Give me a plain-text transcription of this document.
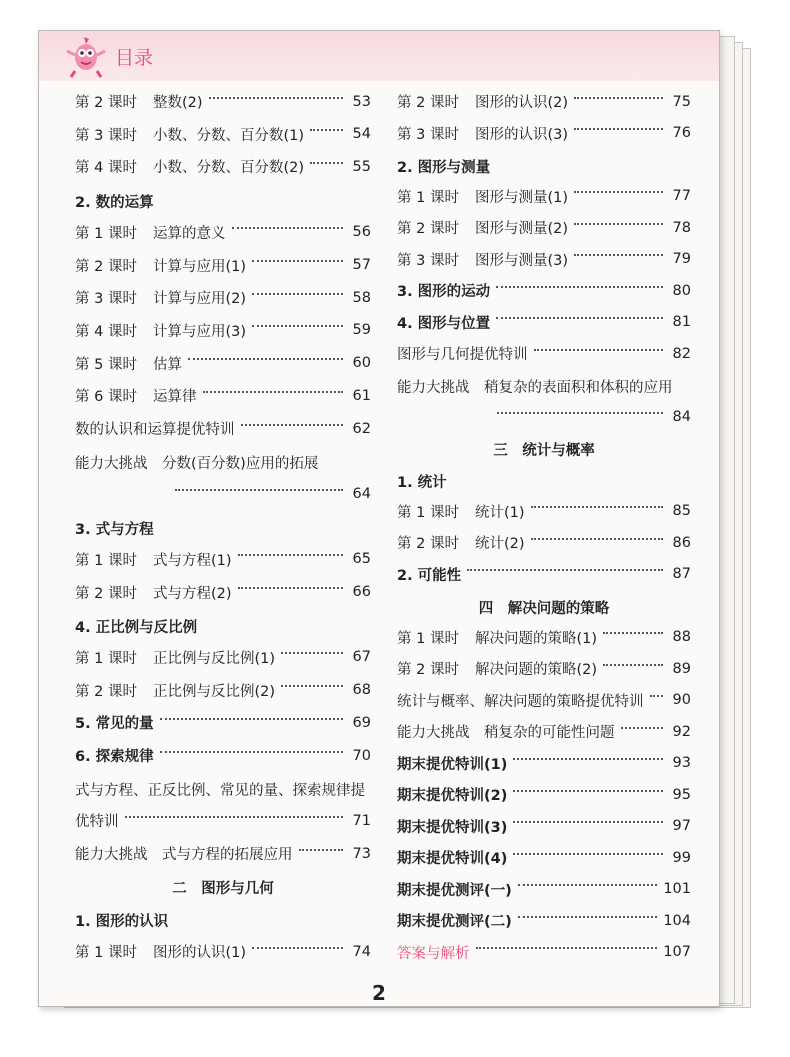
目录
第 2 课时	整数(2)	53
第 3 课时	小数、分数、百分数(1)	54
第 4 课时	小数、分数、百分数(2)	55
2. 数的运算
第 1 课时	运算的意义	56
第 2 课时	计算与应用(1)	57
第 3 课时	计算与应用(2)	58
第 4 课时	计算与应用(3)	59
第 5 课时	估算	60
第 6 课时	运算律	61
数的认识和运算提优特训	62
能力大挑战　分数(百分数)应用的拓展
64
3. 式与方程
第 1 课时	式与方程(1)	65
第 2 课时	式与方程(2)	66
4. 正比例与反比例
第 1 课时	正比例与反比例(1)	67
第 2 课时	正比例与反比例(2)	68
5. 常见的量	69
6. 探索规律	70
式与方程、正反比例、常见的量、探索规律提
优特训	71
能力大挑战　式与方程的拓展应用	73
二　图形与几何
1. 图形的认识
第 1 课时	图形的认识(1)	74
第 2 课时	图形的认识(2)	75
第 3 课时	图形的认识(3)	76
2. 图形与测量
第 1 课时	图形与测量(1)	77
第 2 课时	图形与测量(2)	78
第 3 课时	图形与测量(3)	79
3. 图形的运动	80
4. 图形与位置	81
图形与几何提优特训	82
能力大挑战　稍复杂的表面积和体积的应用
84
三　统计与概率
1. 统计
第 1 课时	统计(1)	85
第 2 课时	统计(2)	86
2. 可能性	87
四　解决问题的策略
第 1 课时	解决问题的策略(1)	88
第 2 课时	解决问题的策略(2)	89
统计与概率、解决问题的策略提优特训 90
能力大挑战　稍复杂的可能性问题	92
期末提优特训(1)	93
期末提优特训(2)	95
期末提优特训(3)	97
期末提优特训(4)	99
期末提优测评(一)	101
期末提优测评(二)	104
答案与解析	107
2
